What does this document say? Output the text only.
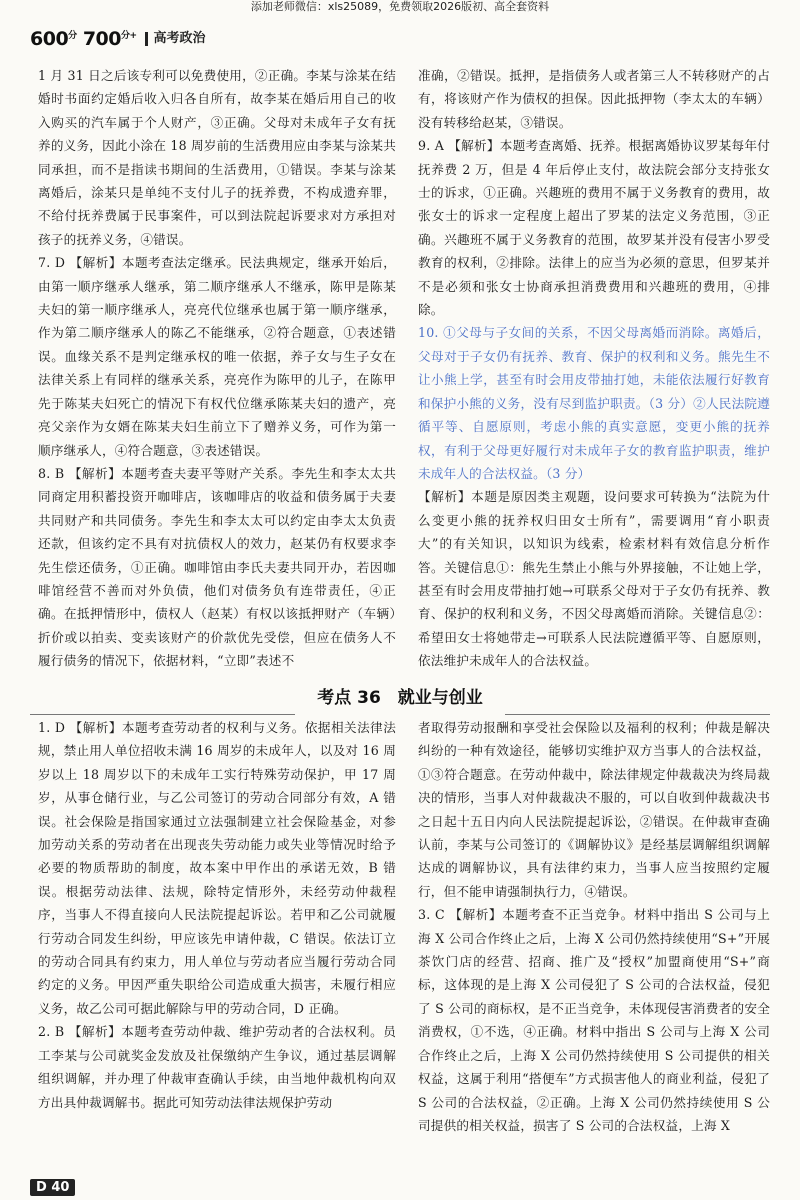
添加老师微信：xls25089，免费领取2026版初、高全套资料
$600^分$ $700^{分+}$	高考政治

1 月 31 日之后该专利可以免费使用，②正确。李某与涂某在结婚时书面约定婚后收入归各自所有，故李某在婚后用自己的收入购买的汽车属于个人财产，③正确。父母对未成年子女有抚养的义务，因此小涂在 18 周岁前的生活费用应由李某与涂某共同承担，而不是指读书期间的生活费用，①错误。李某与涂某离婚后，涂某只是单纯不支付儿子的抚养费，不构成遗弃罪，不给付抚养费属于民事案件，可以到法院起诉要求对方承担对孩子的抚养义务，④错误。

7. D 【解析】本题考查法定继承。民法典规定，继承开始后，由第一顺序继承人继承，第二顺序继承人不继承，陈甲是陈某夫妇的第一顺序继承人，亮亮代位继承也属于第一顺序继承，作为第二顺序继承人的陈乙不能继承，②符合题意，①表述错误。血缘关系不是判定继承权的唯一依据，养子女与生子女在法律关系上有同样的继承关系，亮亮作为陈甲的儿子，在陈甲先于陈某夫妇死亡的情况下有权代位继承陈某夫妇的遗产，亮亮父亲作为女婿在陈某夫妇生前立下了赠养义务，可作为第一顺序继承人，④符合题意，③表述错误。

8. B 【解析】本题考查夫妻平等财产关系。李先生和李太太共同商定用积蓄投资开咖啡店，该咖啡店的收益和债务属于夫妻共同财产和共同债务。李先生和李太太可以约定由李太太负责还款，但该约定不具有对抗债权人的效力，赵某仍有权要求李先生偿还债务，①正确。咖啡馆由李氏夫妻共同开办，若因咖啡馆经营不善而对外负债，他们对债务负有连带责任，④正确。在抵押情形中，债权人（赵某）有权以该抵押财产（车辆）折价或以拍卖、变卖该财产的价款优先受偿，但应在债务人不履行债务的情况下，依据材料，“立即”表述不

准确，②错误。抵押，是指债务人或者第三人不转移财产的占有，将该财产作为债权的担保。因此抵押物（李太太的车辆）没有转移给赵某，③错误。

9. A 【解析】本题考查离婚、抚养。根据离婚协议罗某每年付抚养费 2 万，但是 4 年后停止支付，故法院会部分支持张女士的诉求，①正确。兴趣班的费用不属于义务教育的费用，故张女士的诉求一定程度上超出了罗某的法定义务范围，③正确。兴趣班不属于义务教育的范围，故罗某并没有侵害小罗受教育的权利，②排除。法律上的应当为必须的意思，但罗某并不是必须和张女士协商承担消费费用和兴趣班的费用，④排除。

10. ①父母与子女间的关系，不因父母离婚而消除。离婚后，父母对于子女仍有抚养、教育、保护的权利和义务。熊先生不让小熊上学，甚至有时会用皮带抽打她，未能依法履行好教育和保护小熊的义务，没有尽到监护职责。（3 分）②人民法院遵循平等、自愿原则，考虑小熊的真实意愿，变更小熊的抚养权，有利于父母更好履行对未成年子女的教育监护职责，维护未成年人的合法权益。（3 分）

【解析】本题是原因类主观题，设问要求可转换为“法院为什么变更小熊的抚养权归田女士所有”，需要调用“育小职责大”的有关知识，以知识为线索，检索材料有效信息分析作答。关键信息①：熊先生禁止小熊与外界接触，不让她上学，甚至有时会用皮带抽打她→可联系父母对于子女仍有抚养、教育、保护的权利和义务，不因父母离婚而消除。关键信息②：希望田女士将她带走→可联系人民法院遵循平等、自愿原则，依法维护未成年人的合法权益。

考点 36　就业与创业

1. D 【解析】本题考查劳动者的权利与义务。依据相关法律法规，禁止用人单位招收未满 16 周岁的未成年人，以及对 16 周岁以上 18 周岁以下的未成年工实行特殊劳动保护，甲 17 周岁，从事仓储行业，与乙公司签订的劳动合同部分有效，A 错误。社会保险是指国家通过立法强制建立社会保险基金，对参加劳动关系的劳动者在出现丧失劳动能力或失业等情况时给予必要的物质帮助的制度，故本案中甲作出的承诺无效，B 错误。根据劳动法律、法规，除特定情形外，未经劳动仲裁程序，当事人不得直接向人民法院提起诉讼。若甲和乙公司就履行劳动合同发生纠纷，甲应该先申请仲裁，C 错误。依法订立的劳动合同具有约束力，用人单位与劳动者应当履行劳动合同约定的义务。甲因严重失职给公司造成重大损害，未履行相应义务，故乙公司可据此解除与甲的劳动合同，D 正确。

2. B 【解析】本题考查劳动仲裁、维护劳动者的合法权利。员工李某与公司就奖金发放及社保缴纳产生争议，通过基层调解组织调解，并办理了仲裁审查确认手续，由当地仲裁机构向双方出具仲裁调解书。据此可知劳动法律法规保护劳动

者取得劳动报酬和享受社会保险以及福利的权利；仲裁是解决纠纷的一种有效途径，能够切实维护双方当事人的合法权益，①③符合题意。在劳动仲裁中，除法律规定仲裁裁决为终局裁决的情形，当事人对仲裁裁决不服的，可以自收到仲裁裁决书之日起十五日内向人民法院提起诉讼，②错误。在仲裁审查确认前，李某与公司签订的《调解协议》是经基层调解组织调解达成的调解协议，具有法律约束力，当事人应当按照约定履行，但不能申请强制执行力，④错误。

3. C 【解析】本题考查不正当竞争。材料中指出 S 公司与上海 X 公司合作终止之后，上海 X 公司仍然持续使用“S+”开展茶饮门店的经营、招商、推广及“授权”加盟商使用“S+”商标，这体现的是上海 X 公司侵犯了 S 公司的合法权益，侵犯了 S 公司的商标权，是不正当竞争，未体现侵害消费者的安全消费权，①不选，④正确。材料中指出 S 公司与上海 X 公司合作终止之后，上海 X 公司仍然持续使用 S 公司提供的相关权益，这属于利用“搭便车”方式损害他人的商业利益，侵犯了 S 公司的合法权益，②正确。上海 X 公司仍然持续使用 S 公司提供的相关权益，损害了 S 公司的合法权益，上海 X

D 40
